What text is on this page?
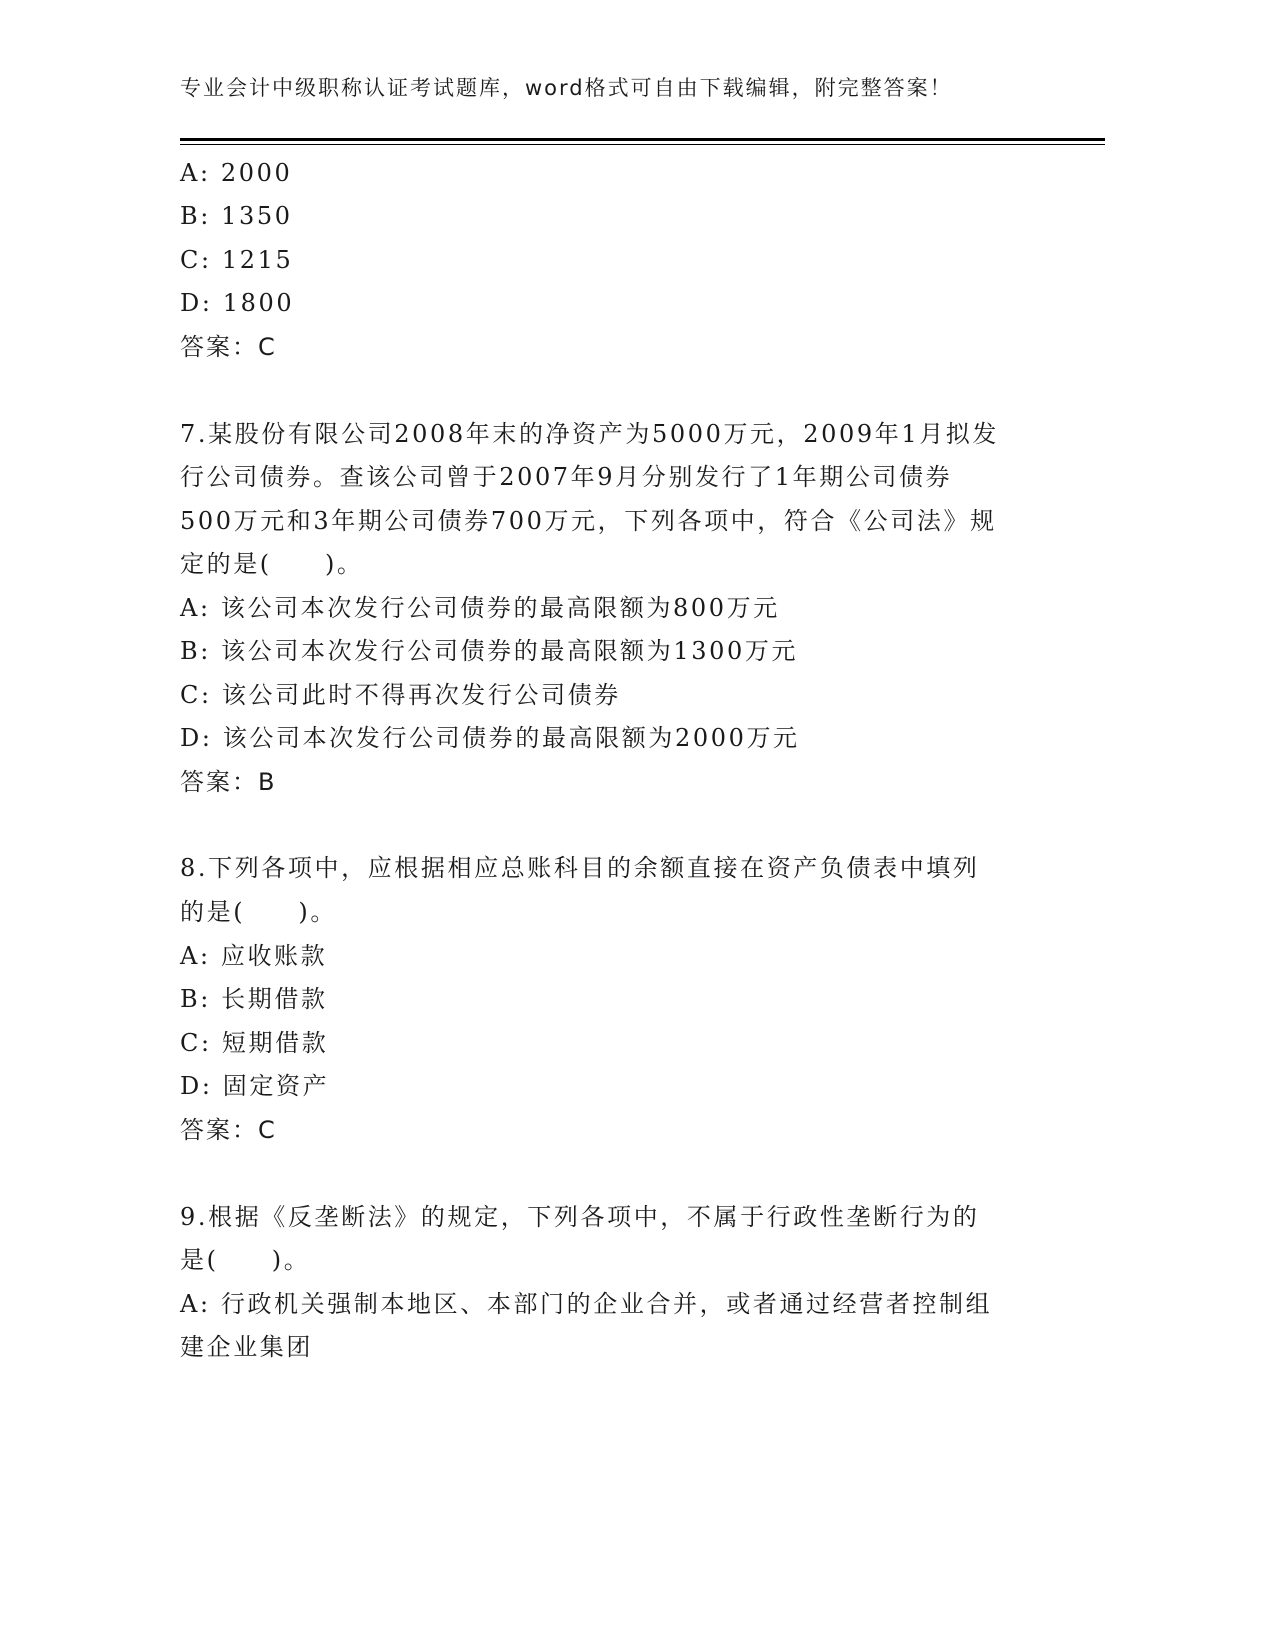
专业会计中级职称认证考试题库，word格式可自由下载编辑，附完整答案！
A: 2000
B: 1350
C: 1215
D: 1800
答案：C
7.某股份有限公司2008年末的净资产为5000万元，2009年1月拟发
行公司债券。查该公司曾于2007年9月分别发行了1年期公司债券
500万元和3年期公司债券700万元，下列各项中，符合《公司法》规
定的是(　　)。
A: 该公司本次发行公司债券的最高限额为800万元
B: 该公司本次发行公司债券的最高限额为1300万元
C: 该公司此时不得再次发行公司债券
D: 该公司本次发行公司债券的最高限额为2000万元
答案：B
8.下列各项中，应根据相应总账科目的余额直接在资产负债表中填列
的是(　　)。
A: 应收账款
B: 长期借款
C: 短期借款
D: 固定资产
答案：C
9.根据《反垄断法》的规定，下列各项中，不属于行政性垄断行为的
是(　　)。
A: 行政机关强制本地区、本部门的企业合并，或者通过经营者控制组
建企业集团
